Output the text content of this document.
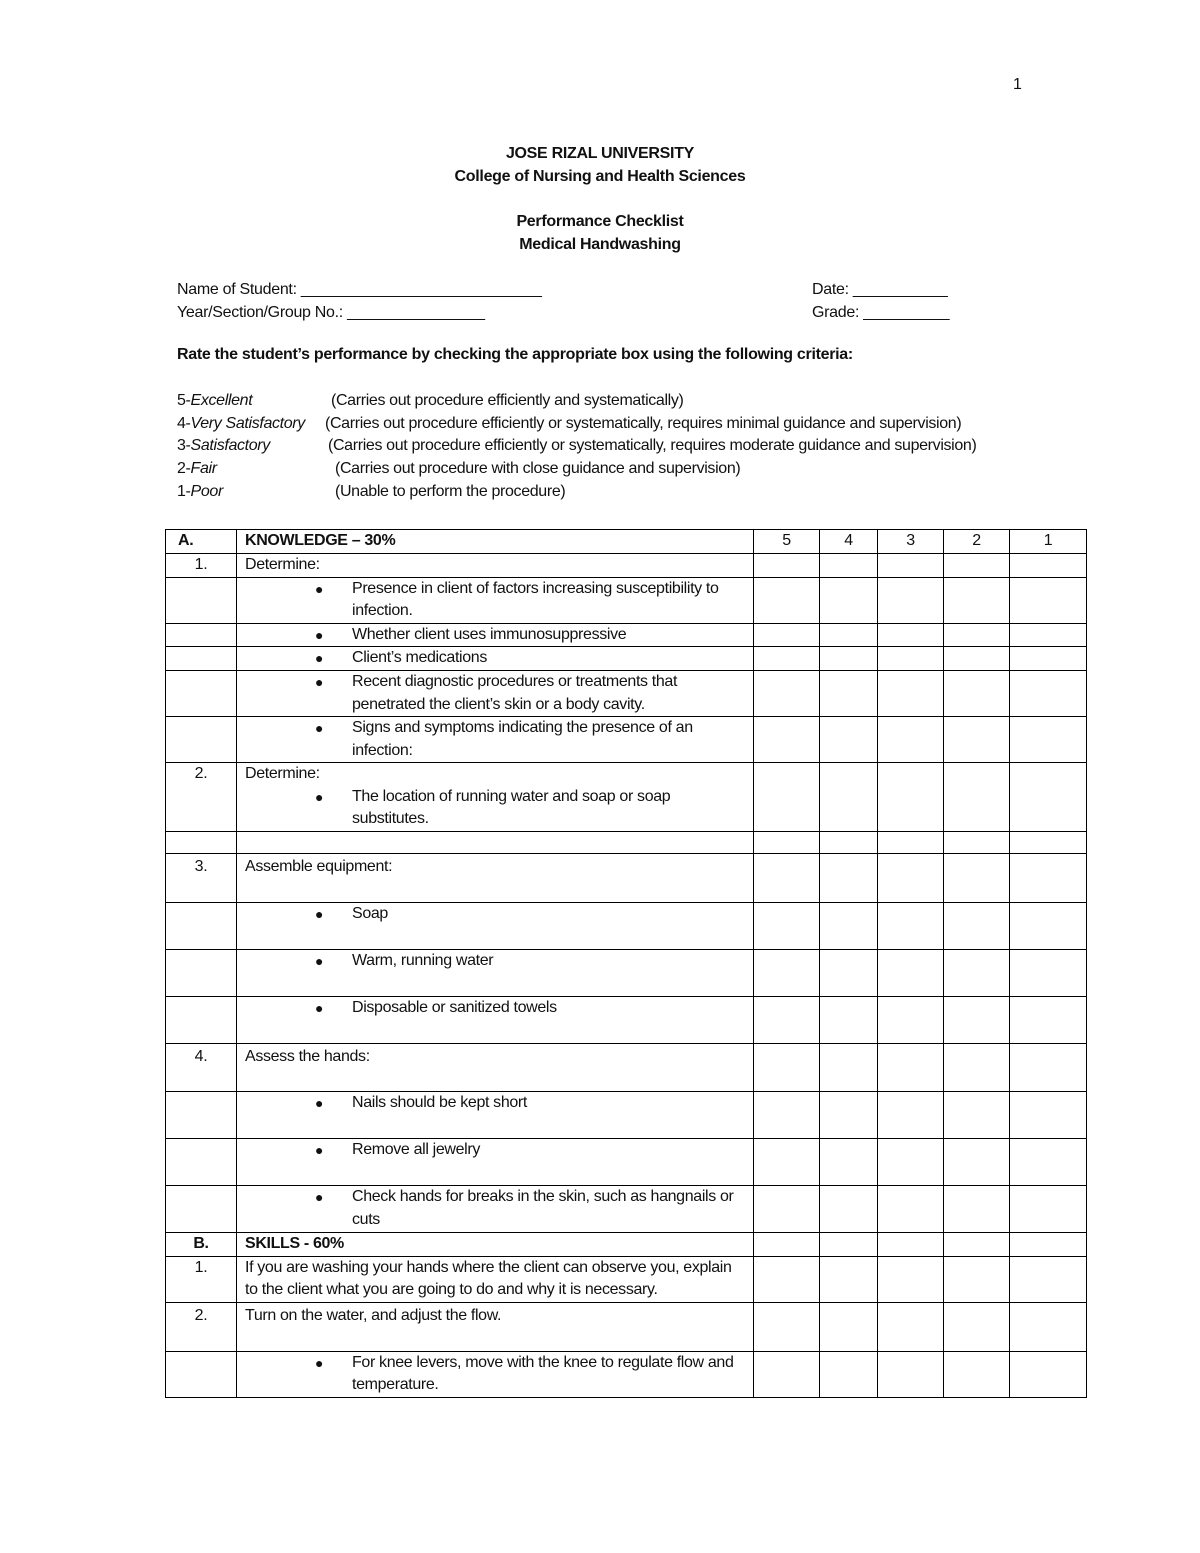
1
JOSE RIZAL UNIVERSITY
College of Nursing and Health Sciences
Performance Checklist
Medical Handwashing
Name of Student: ____________________________	Date: ___________
Year/Section/Group No.: ________________	Grade: __________
Rate the student’s performance by checking the appropriate box using the following criteria:
5-Excellent	(Carries out procedure efficiently and systematically)
4-Very Satisfactory (Carries out procedure efficiently or systematically, requires minimal guidance and supervision)
3-Satisfactory	(Carries out procedure efficiently or systematically, requires moderate guidance and supervision)
2-Fair	(Carries out procedure with close guidance and supervision)
1-Poor	(Unable to perform the procedure)
A.	KNOWLEDGE – 30%	5	4	3	2	1
1.	Determine:					

	● Presence in client of factors increasing susceptibility to infection.					

	● Whether client uses immunosuppressive					

	● Client’s medications					

	● Recent diagnostic procedures or treatments that penetrated the client’s skin or a body cavity.					

	● Signs and symptoms indicating the presence of an infection:					

2.	Determine:
● The location of running water and soap or soap substitutes.					

3.	Assemble equipment:					

	● Soap					

	● Warm, running water					

	● Disposable or sanitized towels					

4.	Assess the hands:					

	● Nails should be kept short					

	● Remove all jewelry					

	● Check hands for breaks in the skin, such as hangnails or cuts					

B.	SKILLS - 60%					
1.	If you are washing your hands where the client can observe you, explain to the client what you are going to do and why it is necessary.					
2.	Turn on the water, and adjust the flow.					

	● For knee levers, move with the knee to regulate flow and temperature.					
